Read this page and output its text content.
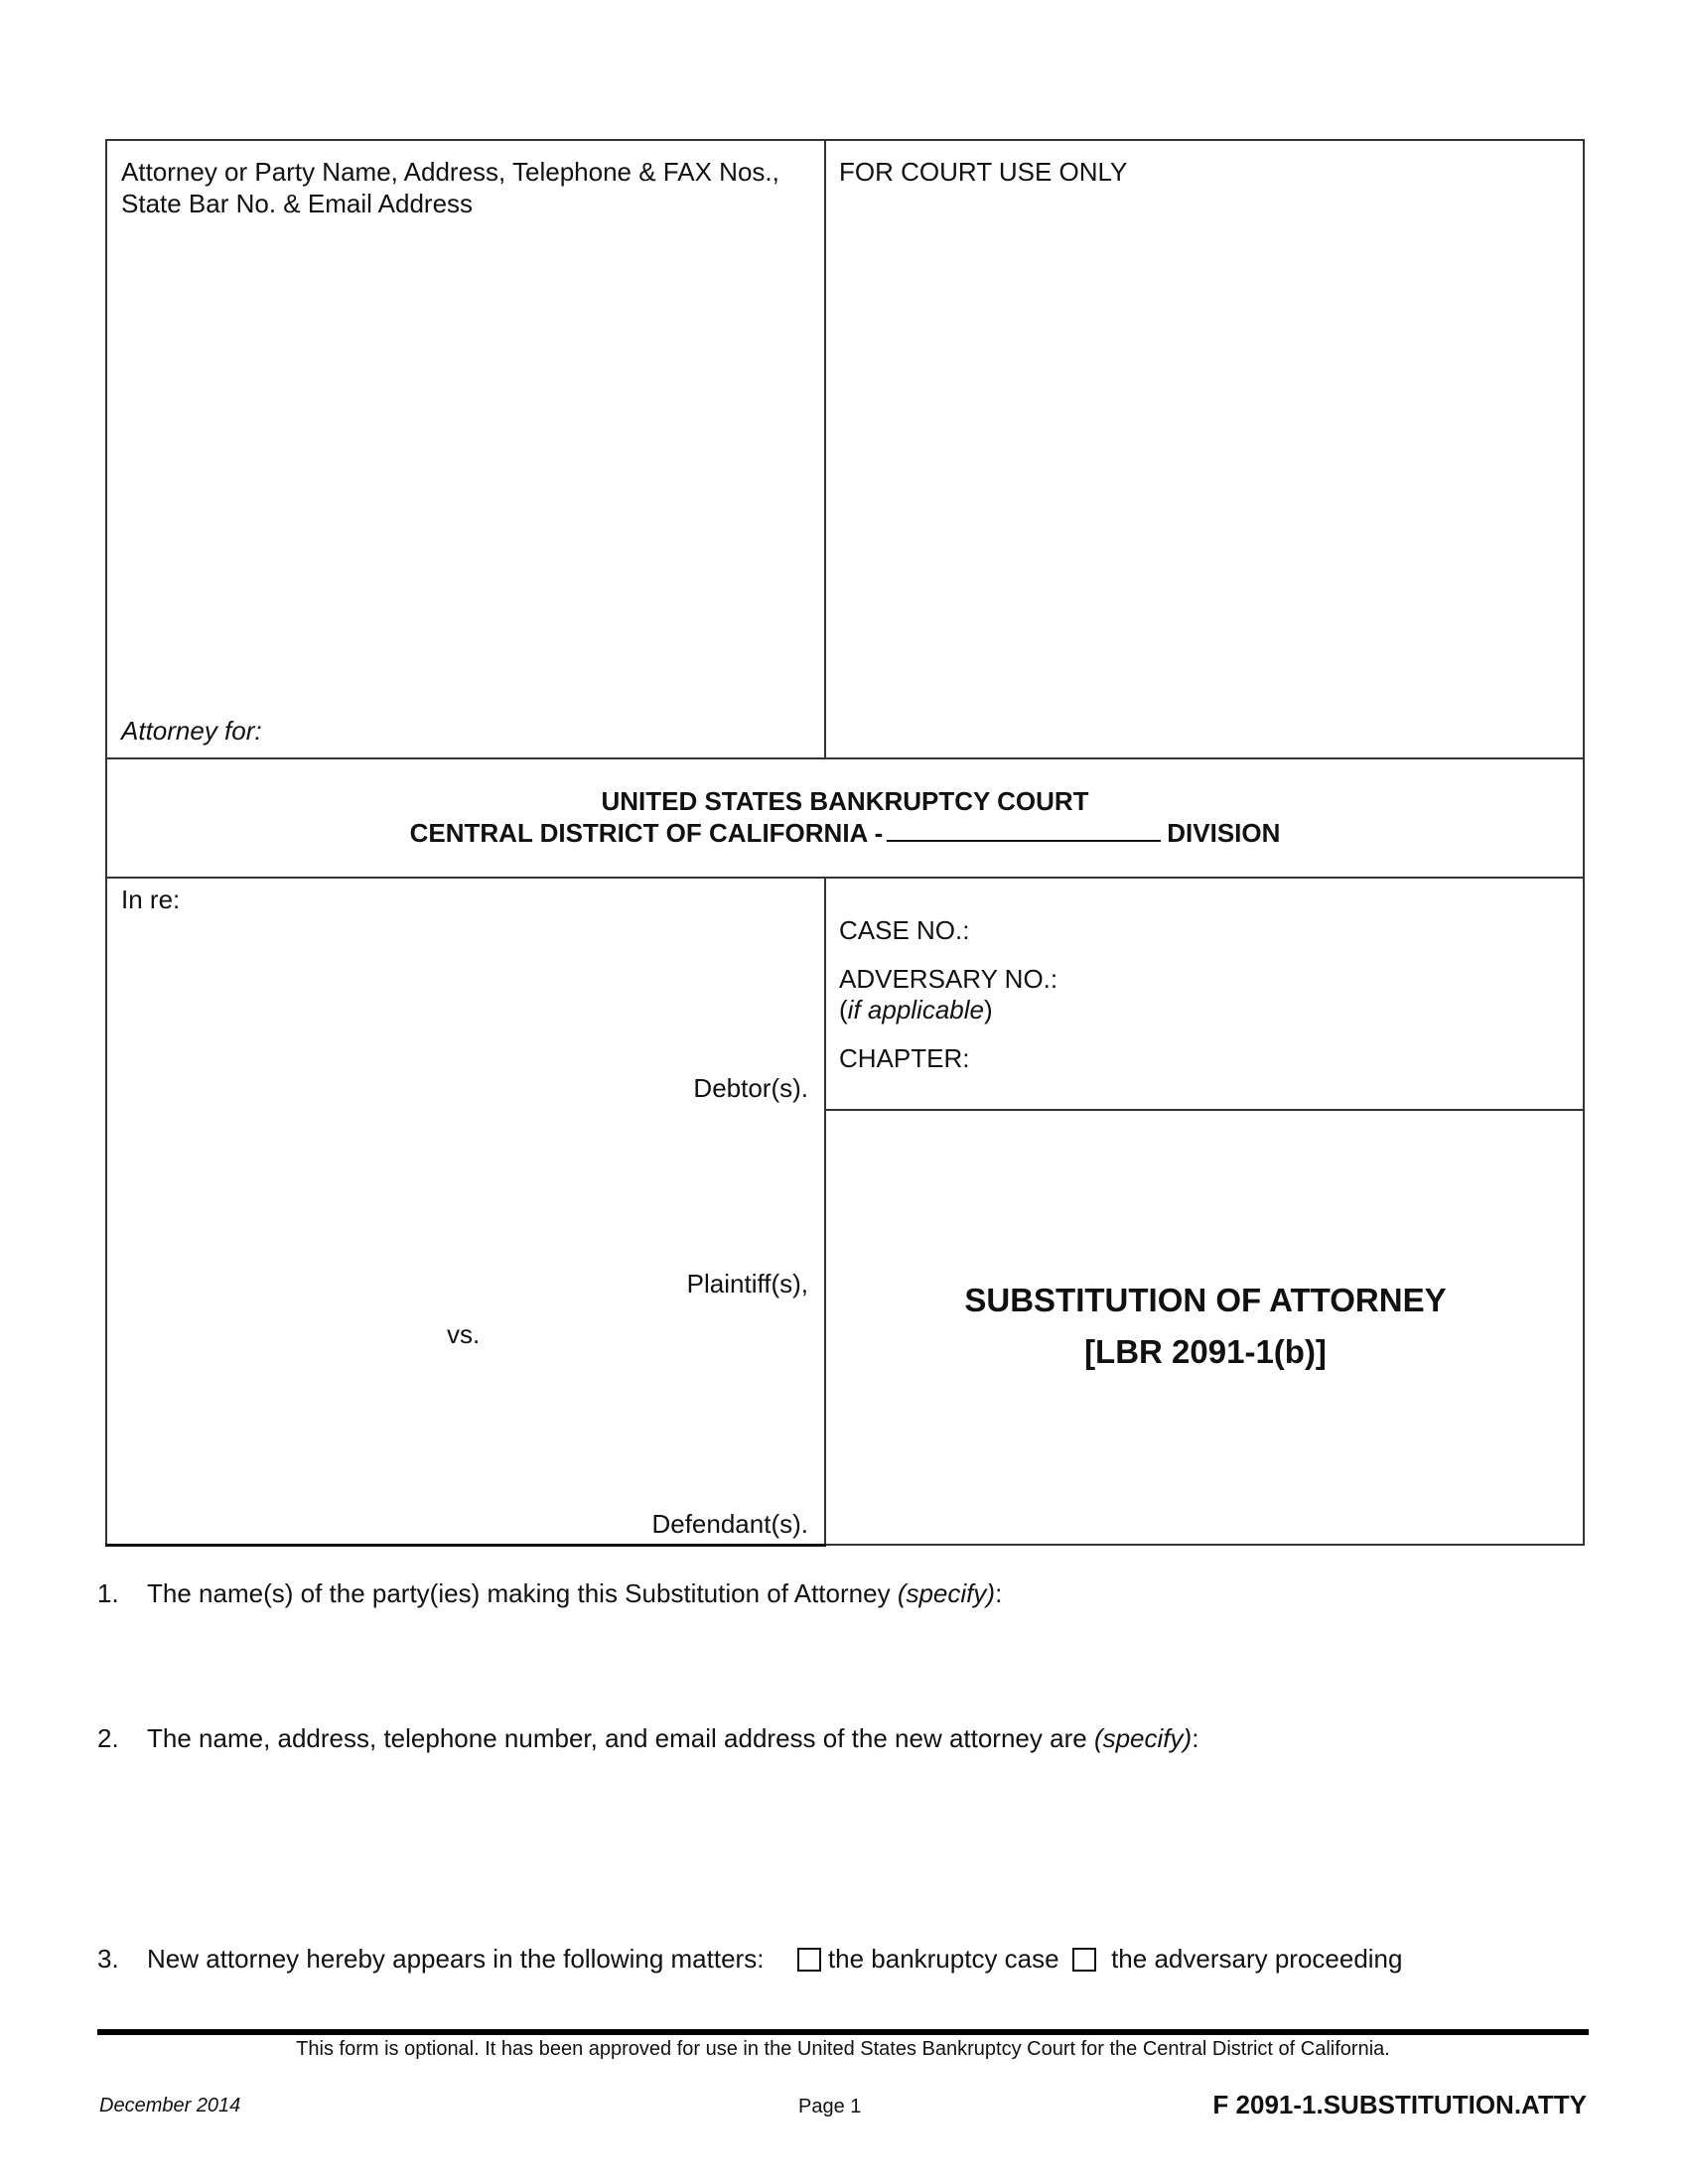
Attorney or Party Name, Address, Telephone & FAX Nos., State Bar No. & Email Address
Attorney for:
FOR COURT USE ONLY
UNITED STATES BANKRUPTCY COURT
CENTRAL DISTRICT OF CALIFORNIA -	DIVISION
In re:
Debtor(s).
Plaintiff(s),
vs.
Defendant(s).
CASE NO.:
ADVERSARY NO.:
(if applicable)
CHAPTER:
SUBSTITUTION OF ATTORNEY
[LBR 2091-1(b)]
1. The name(s) of the party(ies) making this Substitution of Attorney (specify):
2. The name, address, telephone number, and email address of the new attorney are (specify):
3. New attorney hereby appears in the following matters: the bankruptcy case the adversary proceeding
This form is optional. It has been approved for use in the United States Bankruptcy Court for the Central District of California.
December 2014	Page 1	F 2091-1.SUBSTITUTION.ATTY
